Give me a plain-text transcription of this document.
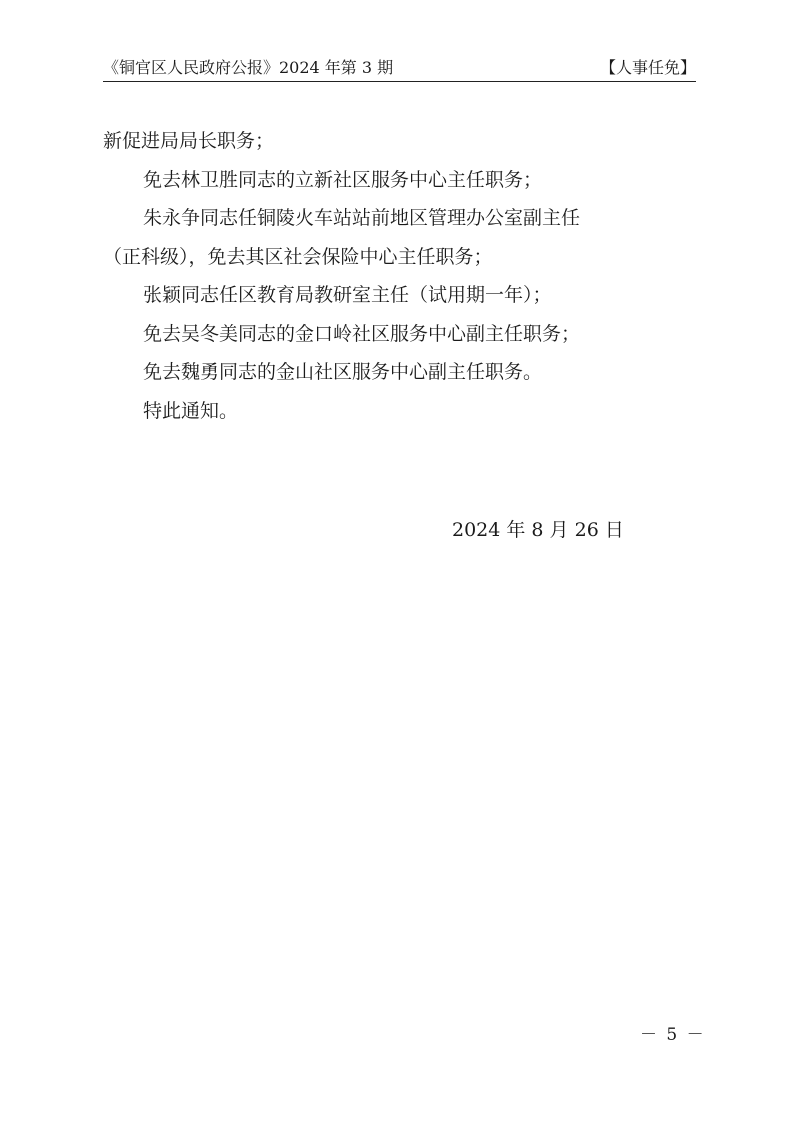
《铜官区人民政府公报》2024 年第 3 期	【人事任免】

新促进局局长职务；

免去林卫胜同志的立新社区服务中心主任职务；

朱永争同志任铜陵火车站站前地区管理办公室副主任

（正科级），免去其区社会保险中心主任职务；

张颖同志任区教育局教研室主任（试用期一年）；

免去吴冬美同志的金口岭社区服务中心副主任职务；

免去魏勇同志的金山社区服务中心副主任职务。

特此通知。

2024 年 8 月 26 日
－ 5 －
